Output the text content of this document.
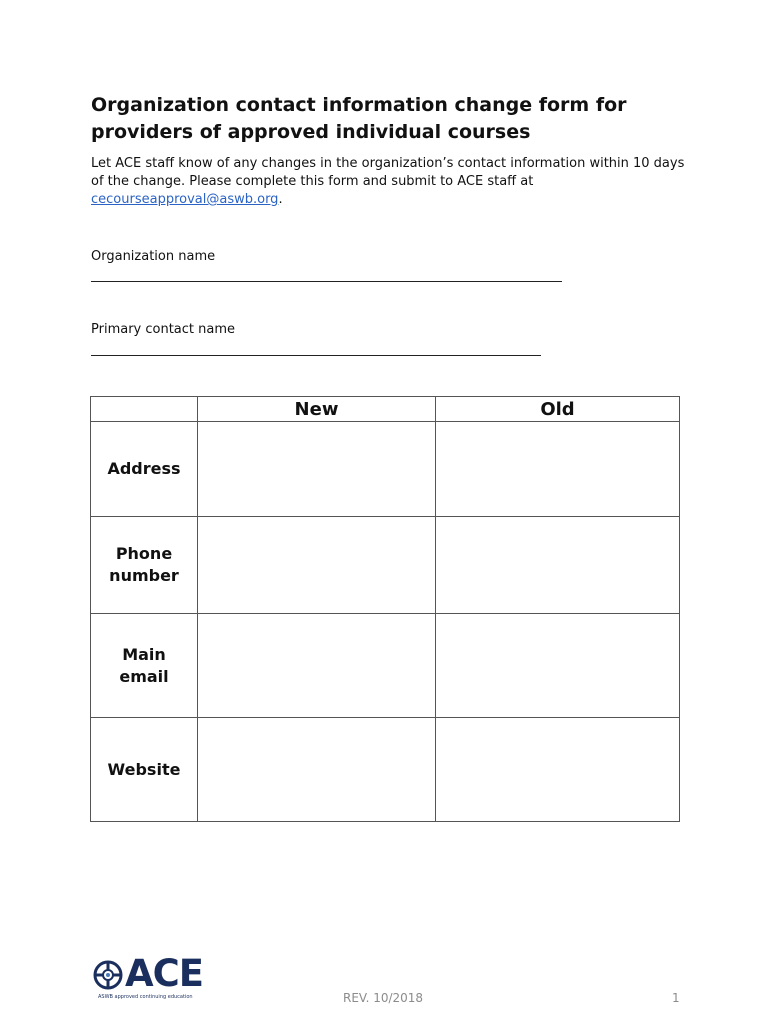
Organization contact information change form for providers of approved individual courses

Let ACE staff know of any changes in the organization’s contact information within 10 days of the change. Please complete this form and submit to ACE staff at cecourseapproval@aswb.org.

Organization name
Primary contact name
	New	Old
Address		
Phone number		
Main email		
Website		
ACE
ASWB approved continuing education	REV. 10/2018	1
